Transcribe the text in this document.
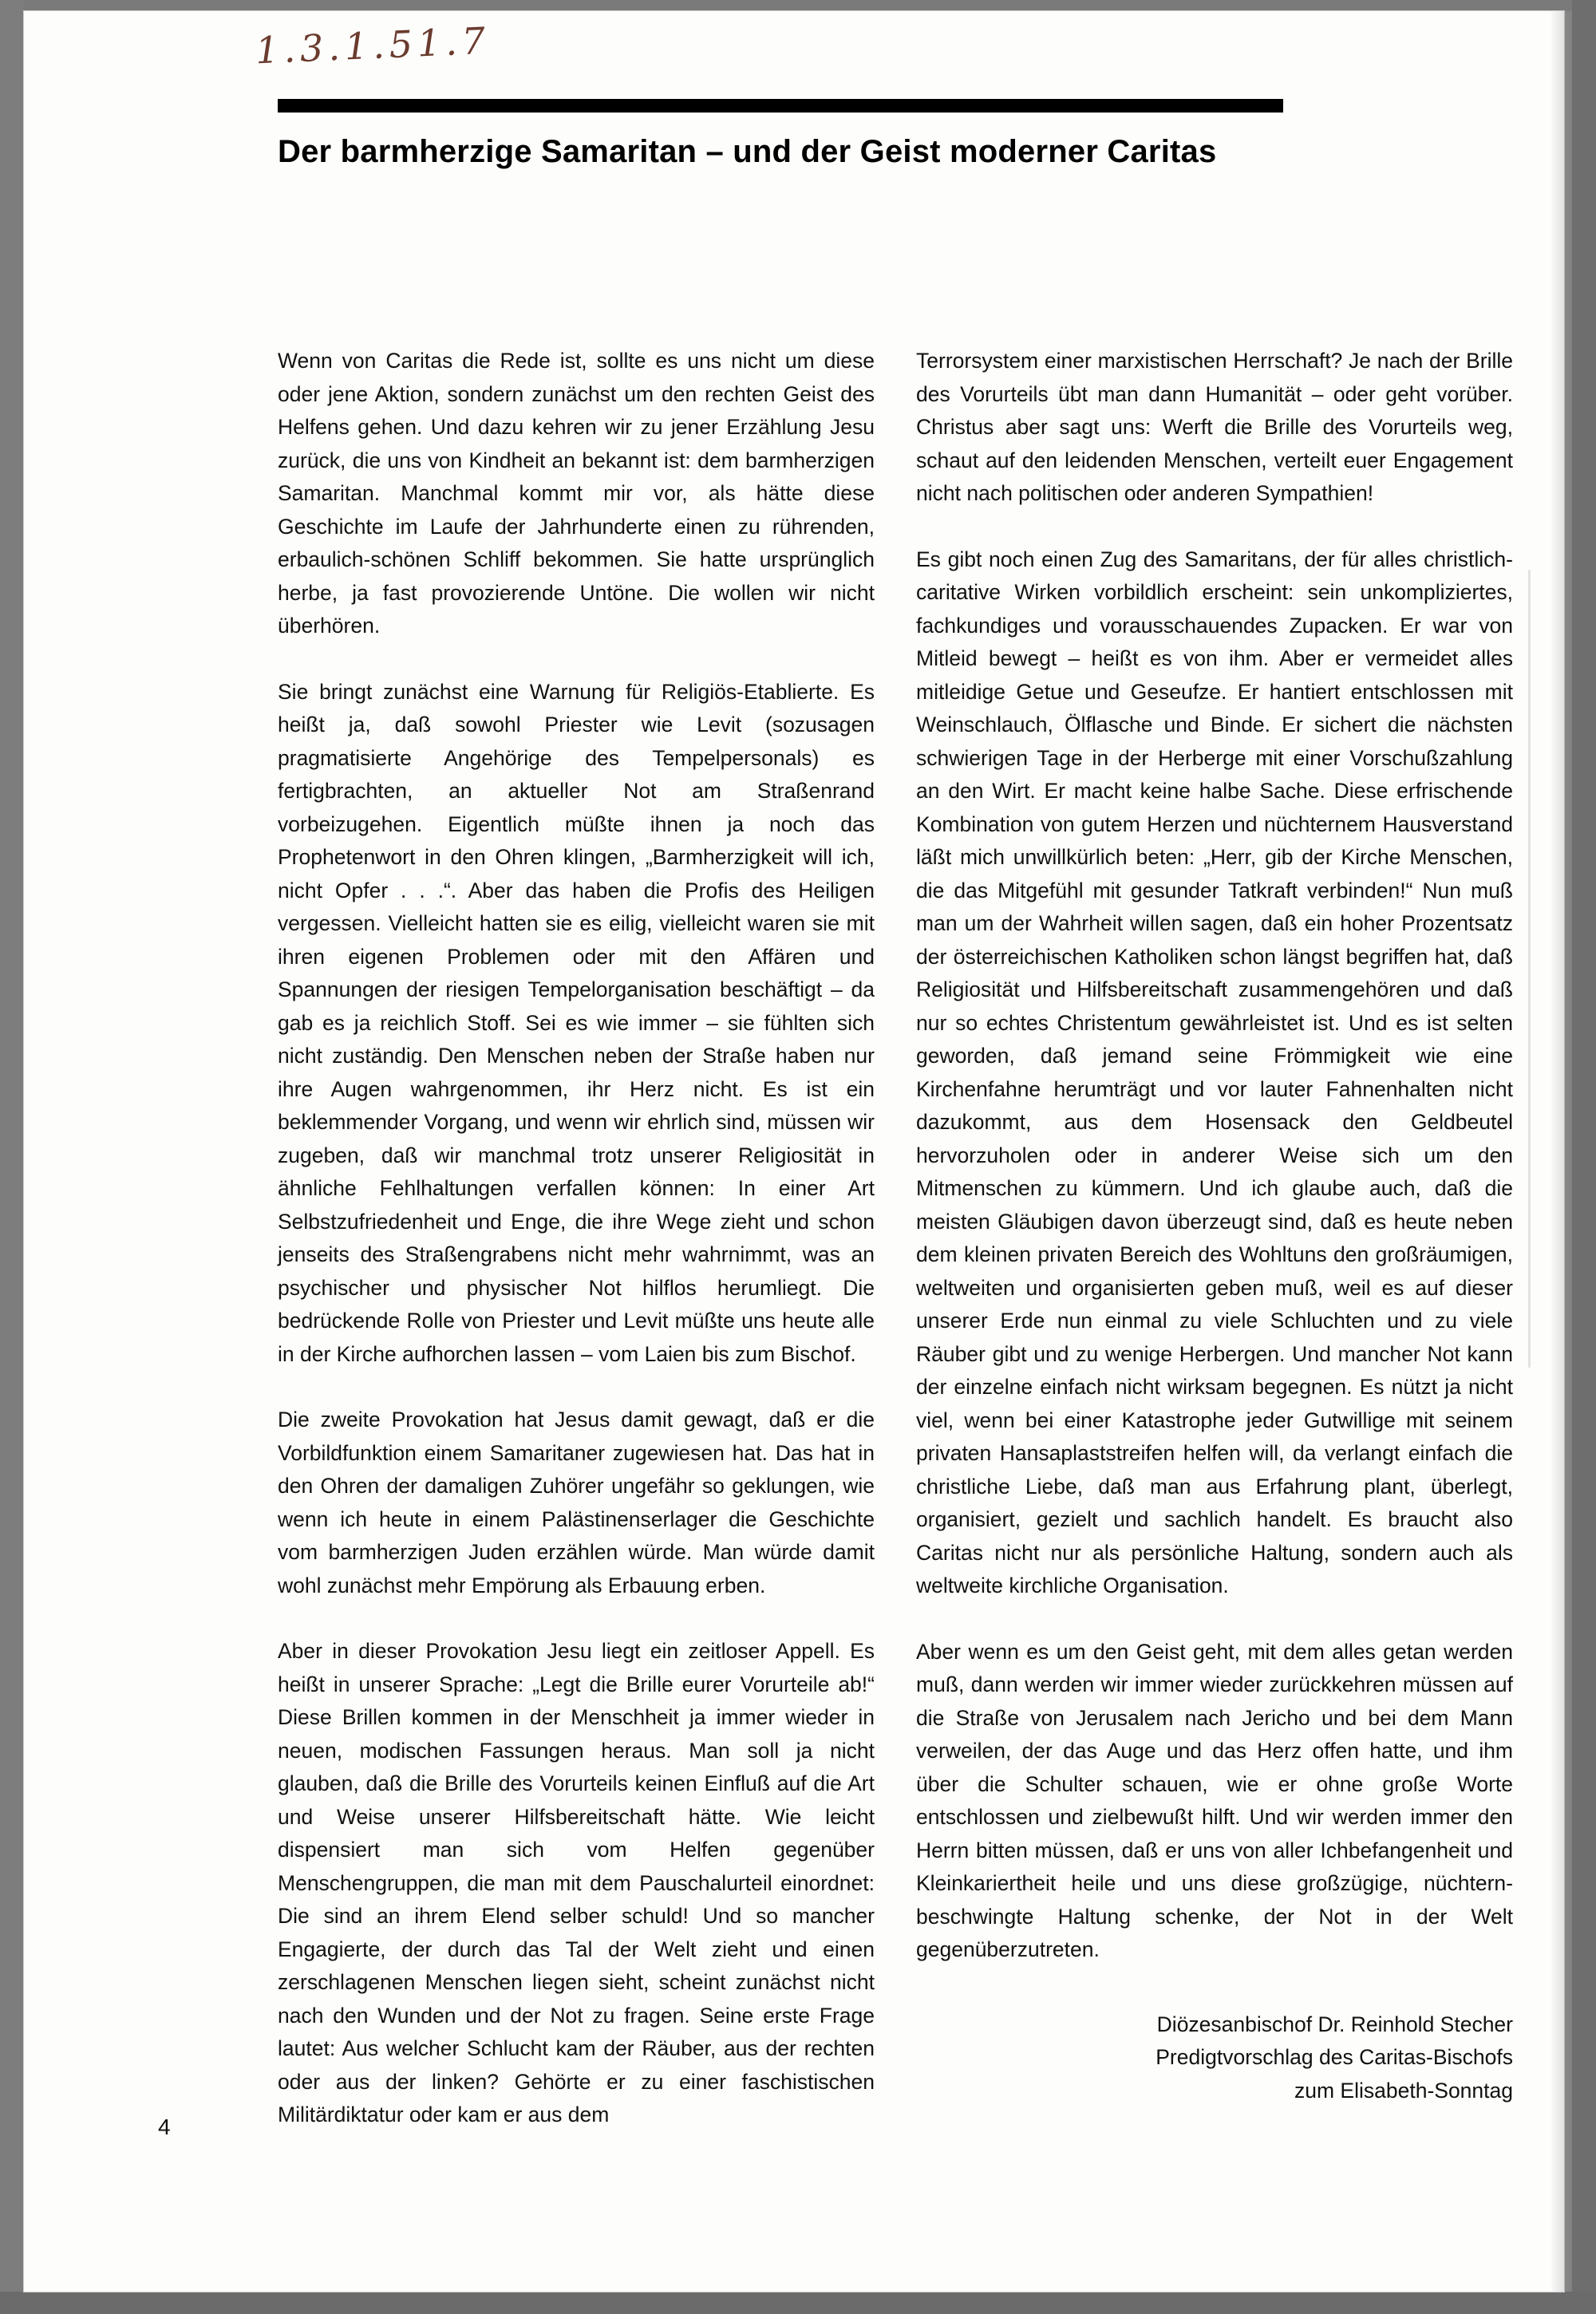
1.3.1.51.7
Der barmherzige Samaritan – und der Geist moderner Caritas

Wenn von Caritas die Rede ist, sollte es uns nicht um diese oder jene Aktion, sondern zunächst um den rechten Geist des Helfens gehen. Und dazu kehren wir zu jener Erzählung Jesu zurück, die uns von Kindheit an bekannt ist: dem barmherzigen Samaritan. Manchmal kommt mir vor, als hätte diese Geschichte im Laufe der Jahrhunderte einen zu rührenden, erbaulich-schönen Schliff bekommen. Sie hatte ursprünglich herbe, ja fast provozierende Untöne. Die wollen wir nicht überhören.

Sie bringt zunächst eine Warnung für Religiös-Etablierte. Es heißt ja, daß sowohl Priester wie Levit (sozusagen pragmatisierte Angehörige des Tempelpersonals) es fertigbrachten, an aktueller Not am Straßenrand vorbeizugehen. Eigentlich müßte ihnen ja noch das Prophetenwort in den Ohren klingen, „Barmherzigkeit will ich, nicht Opfer . . .“. Aber das haben die Profis des Heiligen vergessen. Vielleicht hatten sie es eilig, vielleicht waren sie mit ihren eigenen Problemen oder mit den Affären und Spannungen der riesigen Tempelorganisation beschäftigt – da gab es ja reichlich Stoff. Sei es wie immer – sie fühlten sich nicht zuständig. Den Menschen neben der Straße haben nur ihre Augen wahrgenommen, ihr Herz nicht. Es ist ein beklemmender Vorgang, und wenn wir ehrlich sind, müssen wir zugeben, daß wir manchmal trotz unserer Religiosität in ähnliche Fehlhaltungen verfallen können: In einer Art Selbstzufriedenheit und Enge, die ihre Wege zieht und schon jenseits des Straßengrabens nicht mehr wahrnimmt, was an psychischer und physischer Not hilflos herumliegt. Die bedrückende Rolle von Priester und Levit müßte uns heute alle in der Kirche aufhorchen lassen – vom Laien bis zum Bischof.

Die zweite Provokation hat Jesus damit gewagt, daß er die Vorbildfunktion einem Samaritaner zugewiesen hat. Das hat in den Ohren der damaligen Zuhörer ungefähr so geklungen, wie wenn ich heute in einem Palästinenserlager die Geschichte vom barmherzigen Juden erzählen würde. Man würde damit wohl zunächst mehr Empörung als Erbauung erben.

Aber in dieser Provokation Jesu liegt ein zeitloser Appell. Es heißt in unserer Sprache: „Legt die Brille eurer Vorurteile ab!“ Diese Brillen kommen in der Menschheit ja immer wieder in neuen, modischen Fassungen heraus. Man soll ja nicht glauben, daß die Brille des Vorurteils keinen Einfluß auf die Art und Weise unserer Hilfsbereitschaft hätte. Wie leicht dispensiert man sich vom Helfen gegenüber Menschengruppen, die man mit dem Pauschalurteil einordnet: Die sind an ihrem Elend selber schuld! Und so mancher Engagierte, der durch das Tal der Welt zieht und einen zerschlagenen Menschen liegen sieht, scheint zunächst nicht nach den Wunden und der Not zu fragen. Seine erste Frage lautet: Aus welcher Schlucht kam der Räuber, aus der rechten oder aus der linken? Gehörte er zu einer faschistischen Militärdiktatur oder kam er aus dem

Terrorsystem einer marxistischen Herrschaft? Je nach der Brille des Vorurteils übt man dann Humanität – oder geht vorüber. Christus aber sagt uns: Werft die Brille des Vorurteils weg, schaut auf den leidenden Menschen, verteilt euer Engagement nicht nach politischen oder anderen Sympathien!

Es gibt noch einen Zug des Samaritans, der für alles christlich-caritative Wirken vorbildlich erscheint: sein unkompliziertes, fachkundiges und vorausschauendes Zupacken. Er war von Mitleid bewegt – heißt es von ihm. Aber er vermeidet alles mitleidige Getue und Geseufze. Er hantiert entschlossen mit Weinschlauch, Ölflasche und Binde. Er sichert die nächsten schwierigen Tage in der Herberge mit einer Vorschußzahlung an den Wirt. Er macht keine halbe Sache. Diese erfrischende Kombination von gutem Herzen und nüchternem Hausverstand läßt mich unwillkürlich beten: „Herr, gib der Kirche Menschen, die das Mitgefühl mit gesunder Tatkraft verbinden!“ Nun muß man um der Wahrheit willen sagen, daß ein hoher Prozentsatz der österreichischen Katholiken schon längst begriffen hat, daß Religiosität und Hilfsbereitschaft zusammengehören und daß nur so echtes Christentum gewährleistet ist. Und es ist selten geworden, daß jemand seine Frömmigkeit wie eine Kirchenfahne herumträgt und vor lauter Fahnenhalten nicht dazukommt, aus dem Hosensack den Geldbeutel hervorzuholen oder in anderer Weise sich um den Mitmenschen zu kümmern. Und ich glaube auch, daß die meisten Gläubigen davon überzeugt sind, daß es heute neben dem kleinen privaten Bereich des Wohltuns den großräumigen, weltweiten und organisierten geben muß, weil es auf dieser unserer Erde nun einmal zu viele Schluchten und zu viele Räuber gibt und zu wenige Herbergen. Und mancher Not kann der einzelne einfach nicht wirksam begegnen. Es nützt ja nicht viel, wenn bei einer Katastrophe jeder Gutwillige mit seinem privaten Hansaplaststreifen helfen will, da verlangt einfach die christliche Liebe, daß man aus Erfahrung plant, überlegt, organisiert, gezielt und sachlich handelt. Es braucht also Caritas nicht nur als persönliche Haltung, sondern auch als weltweite kirchliche Organisation.

Aber wenn es um den Geist geht, mit dem alles getan werden muß, dann werden wir immer wieder zurückkehren müssen auf die Straße von Jerusalem nach Jericho und bei dem Mann verweilen, der das Auge und das Herz offen hatte, und ihm über die Schulter schauen, wie er ohne große Worte entschlossen und zielbewußt hilft. Und wir werden immer den Herrn bitten müssen, daß er uns von aller Ichbefangenheit und Kleinkariertheit heile und uns diese großzügige, nüchtern-beschwingte Haltung schenke, der Not in der Welt gegenüberzutreten.

Diözesanbischof Dr. Reinhold Stecher
Predigtvorschlag des Caritas-Bischofs
zum Elisabeth-Sonntag
4
